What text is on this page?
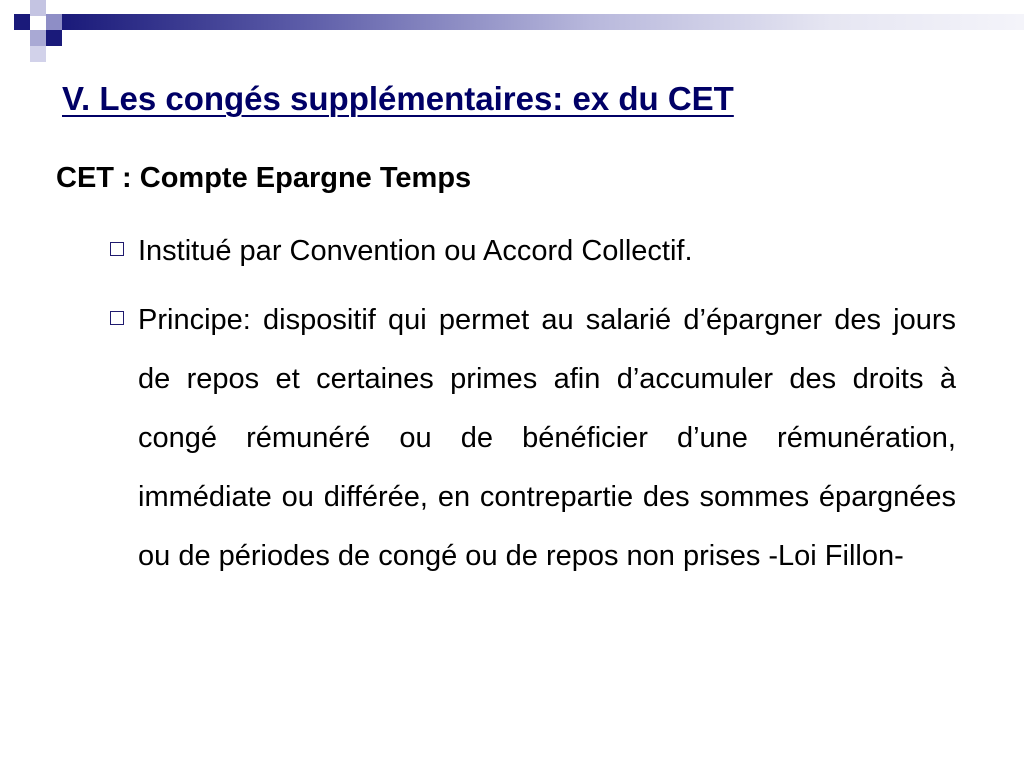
V. Les congés supplémentaires: ex du CET

CET : Compte Epargne Temps

Institué par Convention ou Accord Collectif.
Principe: dispositif qui permet au salarié d’épargner des jours de repos et certaines primes afin d’accumuler des droits à congé rémunéré ou de bénéficier d’une rémunération, immédiate ou différée, en contrepartie des sommes épargnées ou de périodes de congé ou de repos non prises -Loi Fillon-
